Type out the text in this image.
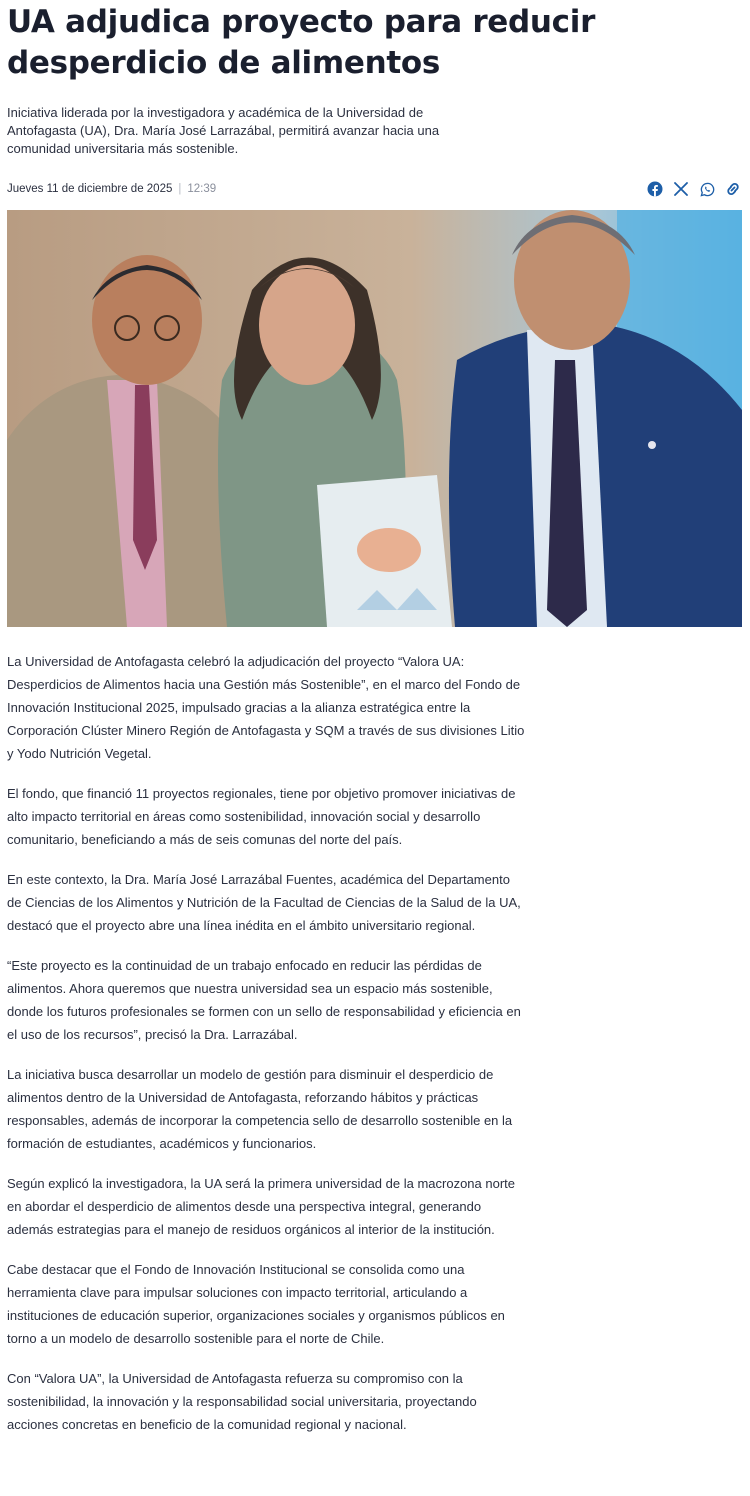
UA adjudica proyecto para reducir desperdicio de alimentos

Iniciativa liderada por la investigadora y académica de la Universidad de Antofagasta (UA), Dra. María José Larrazábal, permitirá avanzar hacia una comunidad universitaria más sostenible.

Jueves 11 de diciembre de 2025 | 12:39

La Universidad de Antofagasta celebró la adjudicación del proyecto “Valora UA: Desperdicios de Alimentos hacia una Gestión más Sostenible”, en el marco del Fondo de Innovación Institucional 2025, impulsado gracias a la alianza estratégica entre la Corporación Clúster Minero Región de Antofagasta y SQM a través de sus divisiones Litio y Yodo Nutrición Vegetal.

El fondo, que financió 11 proyectos regionales, tiene por objetivo promover iniciativas de alto impacto territorial en áreas como sostenibilidad, innovación social y desarrollo comunitario, beneficiando a más de seis comunas del norte del país.

En este contexto, la Dra. María José Larrazábal Fuentes, académica del Departamento de Ciencias de los Alimentos y Nutrición de la Facultad de Ciencias de la Salud de la UA, destacó que el proyecto abre una línea inédita en el ámbito universitario regional.

“Este proyecto es la continuidad de un trabajo enfocado en reducir las pérdidas de alimentos. Ahora queremos que nuestra universidad sea un espacio más sostenible, donde los futuros profesionales se formen con un sello de responsabilidad y eficiencia en el uso de los recursos”, precisó la Dra. Larrazábal.

La iniciativa busca desarrollar un modelo de gestión para disminuir el desperdicio de alimentos dentro de la Universidad de Antofagasta, reforzando hábitos y prácticas responsables, además de incorporar la competencia sello de desarrollo sostenible en la formación de estudiantes, académicos y funcionarios.

Según explicó la investigadora, la UA será la primera universidad de la macrozona norte en abordar el desperdicio de alimentos desde una perspectiva integral, generando además estrategias para el manejo de residuos orgánicos al interior de la institución.

Cabe destacar que el Fondo de Innovación Institucional se consolida como una herramienta clave para impulsar soluciones con impacto territorial, articulando a instituciones de educación superior, organizaciones sociales y organismos públicos en torno a un modelo de desarrollo sostenible para el norte de Chile.

Con “Valora UA”, la Universidad de Antofagasta refuerza su compromiso con la sostenibilidad, la innovación y la responsabilidad social universitaria, proyectando acciones concretas en beneficio de la comunidad regional y nacional.
